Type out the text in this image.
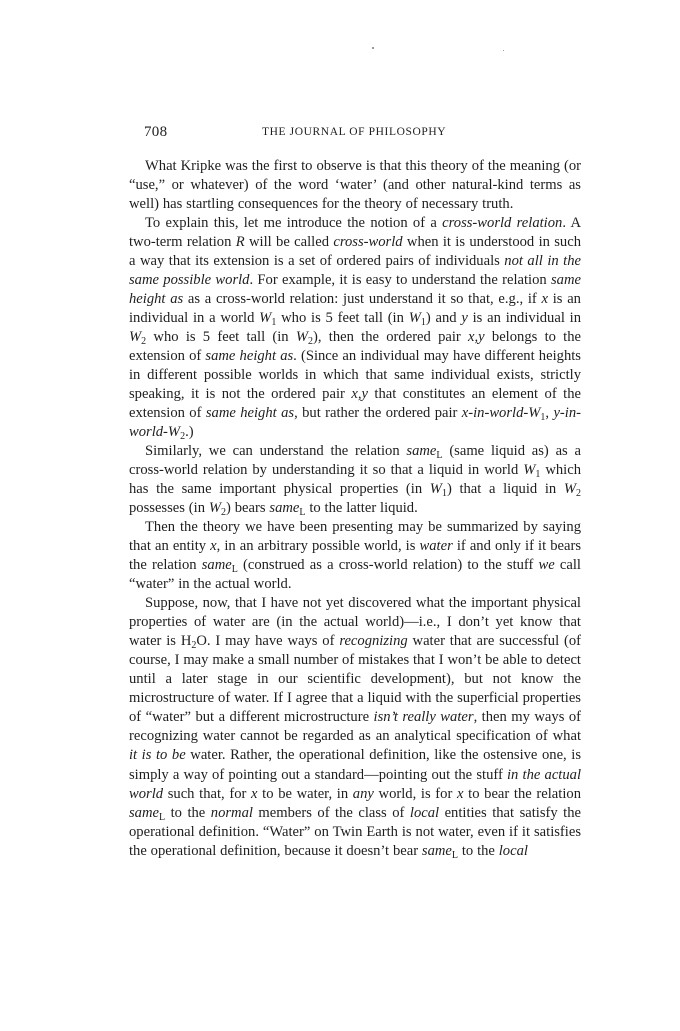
708	THE JOURNAL OF PHILOSOPHY

What Kripke was the first to observe is that this theory of the meaning (or “use,” or whatever) of the word ‘water’ (and other natural-kind terms as well) has startling consequences for the theory of necessary truth.

To explain this, let me introduce the notion of a cross-world relation. A two-term relation R will be called cross-world when it is understood in such a way that its extension is a set of ordered pairs of individuals not all in the same possible world. For example, it is easy to understand the relation same height as as a cross-world relation: just understand it so that, e.g., if x is an individual in a world $W_1$ who is 5 feet tall (in $W_1$) and y is an individual in $W_2$ who is 5 feet tall (in $W_2$), then the ordered pair x,y belongs to the extension of same height as. (Since an individual may have different heights in different possible worlds in which that same individual exists, strictly speaking, it is not the ordered pair x,y that constitutes an element of the extension of same height as, but rather the ordered pair $x-in-world-W_1$, $y-in-world-W_2$.)

Similarly, we can understand the relation same$_L$ (same liquid as) as a cross-world relation by understanding it so that a liquid in world $W_1$ which has the same important physical properties (in $W_1$) that a liquid in $W_2$ possesses (in $W_2$) bears same$_L$ to the latter liquid.

Then the theory we have been presenting may be summarized by saying that an entity x, in an arbitrary possible world, is water if and only if it bears the relation same$_L$ (construed as a cross-world relation) to the stuff we call “water” in the actual world.

Suppose, now, that I have not yet discovered what the important physical properties of water are (in the actual world)—i.e., I don’t yet know that water is $H_2O$. I may have ways of recognizing water that are successful (of course, I may make a small number of mistakes that I won’t be able to detect until a later stage in our scientific development), but not know the microstructure of water. If I agree that a liquid with the superficial properties of “water” but a different microstructure isn’t really water, then my ways of recognizing water cannot be regarded as an analytical specification of what it is to be water. Rather, the operational definition, like the ostensive one, is simply a way of pointing out a standard—pointing out the stuff in the actual world such that, for x to be water, in any world, is for x to bear the relation same$_L$ to the normal members of the class of local entities that satisfy the operational definition. “Water” on Twin Earth is not water, even if it satisfies the operational definition, because it doesn’t bear same$_L$ to the local
